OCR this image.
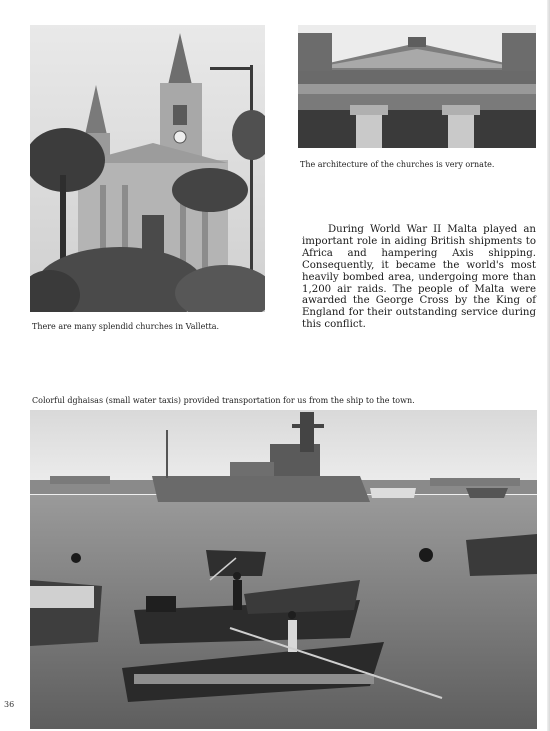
There are many splendid churches in Valletta.
The architecture of the churches is very ornate.

During World War II Malta played an important role in aiding British shipments to Africa and hampering Axis shipping. Consequently, it became the world's most heavily bombed area, undergoing more than 1,200 air raids. The people of Malta were awarded the George Cross by the King of England for their outstanding service during this conflict.

Colorful dghaisas (small water taxis) provided transportation for us from the ship to the town.
36
